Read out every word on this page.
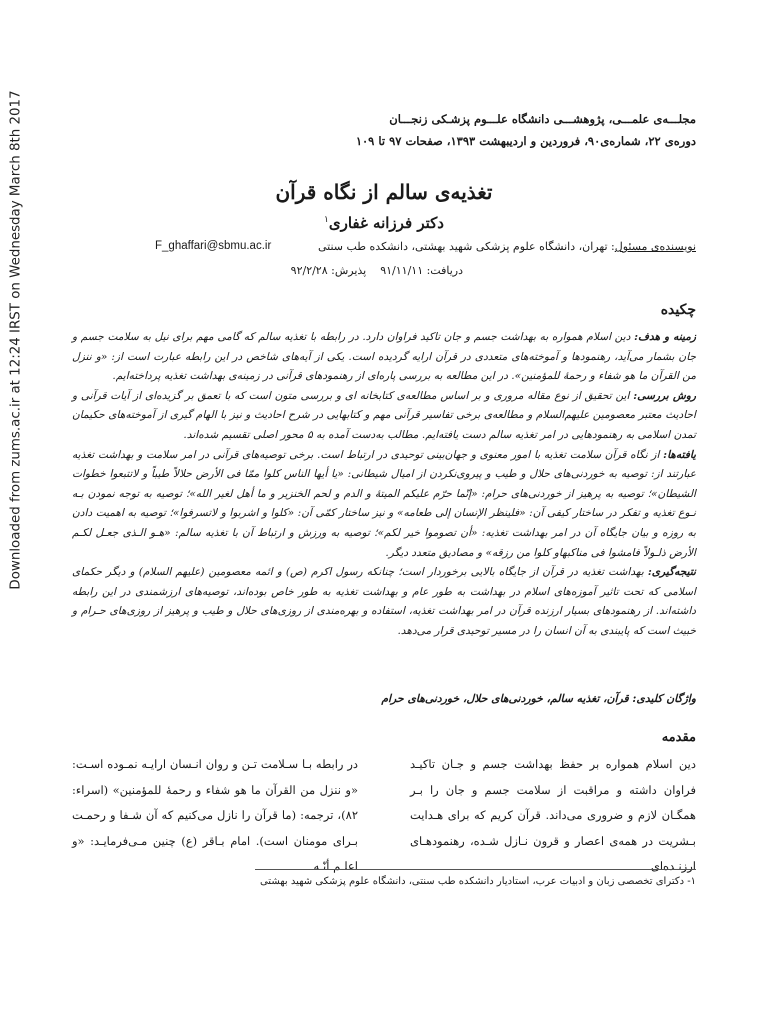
Downloaded from zums.ac.ir at 12:24 IRST on Wednesday March 8th 2017	مجلـــه‌ی علمـــی، پژوهشـــی دانشگاه علـــوم پزشـکی زنجـــان
دوره‌ی ۲۲، شماره‌ی۹۰، فروردین و اردیبهشت ۱۳۹۳، صفحات ۹۷ تا ۱۰۹
تغذیه‌ی سالم از نگاه قرآن
دکتر فرزانه غفاری$^۱$
نویسنده‌ی مسئول: تهران، دانشگاه علوم پزشکی شهید بهشتی، دانشکده طب سنتی
F_ghaffari@sbmu.ac.ir
دریافت: ۹۱/۱۱/۱۱پذیرش: ۹۲/۲/۲۸
چکیده

زمینه و هدف: دین اسلام همواره به بهداشت جسم و جان تاکید فراوان دارد. در رابطه با تغذیه سالم که گامی مهم برای نیل به سلامت جسم و جان بشمار می‌آید، رهنمودها و آموخته‌های متعددی در قرآن ارایه گردیده است. یکی از آیه‌های شاخص در این رابطه عبارت است از: «و ننزل من القرآن ما هو شفاء و رحمهٔ للمؤمنین». در این مطالعه به بررسی پاره‌ای از رهنمودهای قرآنی در زمینه‌ی بهداشت تغذیه پرداخته‌ایم.

روش بررسی: این تحقیق از نوع مقاله مروری و بر اساس مطالعه‌ی کتابخانه ای و بررسی متون است که با تعمق بر گزیده‌ای از آیات قرآنی و احادیث معتبر معصومین علیهم‌السلام و مطالعه‌ی برخی تفاسیر قرآنی مهم و کتابهایی در شرح احادیث و نیز با الهام گیری از آموخته‌های حکیمان تمدن اسلامی به رهنمودهایی در امر تغذیه سالم دست یافته‌ایم. مطالب به‌دست آمده به ۵ محور اصلی تقسیم شده‌اند.

یافته‌ها: از نگاه قرآن سلامت تغذیه با امور معنوی و جهان‌بینی توحیدی در ارتباط است. برخی توصیه‌های قرآنی در امر سلامت و بهداشت تغذیه عبارتند از: توصیه به خوردنی‌های حلال و طیب و پیروی‌نکردن از امیال شیطانی: «یا أیها الناس کلوا ممّا فی الأرض حلالاً طیباً و لاتتبعوا خطوات الشیطان»؛ توصیه به پرهیز از خوردنی‌های حرام: «إنّما حرّم علیکم المیتهٔ و الدم و لحم الخنزیر و ما أهل لغیر الله»؛ توصیه به توجه نمودن بـه نـوع تغذیه و تفکر در ساختار کیفی آن: «فلینظر الإنسان إلی طعامه» و نیز ساختار کمّی آن: «کلوا و اشربوا و لاتسرفوا»؛ توصیه به اهمیت دادن به روزه و بیان جایگاه آن در امر بهداشت تغذیه: «أن تصوموا خیر لکم»؛ توصیه به ورزش و ارتباط آن با تغذیه سالم: «هـو الـذی جعـل لکـم الأرض ذلـولاً فامشوا فی مناکبهاو کلوا من رزقه» و مصادیق متعدد دیگر.

نتیجه‌گیری: بهداشت تغذیه در قرآن از جایگاه بالایی برخوردار است؛ چنانکه رسول اکرم (ص) و ائمه معصومین (علیهم السلام) و دیگر حکمای اسلامی که تحت تاثیر آموزه‌های اسلام در بهداشت به طور عام و بهداشت تغذیه به طور خاص بوده‌اند، توصیه‌های ارزشمندی در این رابطه داشته‌اند. از رهنمودهای بسیار ارزنده قرآن در امر بهداشت تغذیه، استفاده و بهره‌مندی از روزی‌های حلال و طیب و پرهیز از روزی‌های حـرام و خبیث است که پایبندی به آن انسان را در مسیر توحیدی قرار می‌دهد.

واژگان کلیدی: قرآن، تغذیه سالم، خوردنی‌های حلال، خوردنی‌های حرام
مقدمه

دین اسلام همواره بر حفظ بهداشت جسم و جـان تاکیـد فراوان داشته و مراقبت از سلامت جسم و جان را بـر همگـان لازم و ضروری می‌داند. قرآن کریم که برای هـدایت بـشریت در همه‌ی اعصار و قرون نـازل شـده، رهنمودهـای ارزنـده‌ای

در رابطه بـا سـلامت تـن و روان انـسان ارایـه نمـوده اسـت: «و ننزل من القرآن ما هو شفاء و رحمهٔ للمؤمنین» (اسراء: ۸۲)، ترجمه: (ما قرآن را نازل می‌کنیم که آن شـفا و رحمـت بـرای مومنان است). امام بـاقر (ع) چنین مـی‌فرمایـد: «و اعلـم أنّـه

۱- دکترای تخصصی زبان و ادبیات عرب، استادیار دانشکده طب سنتی، دانشگاه علوم پزشکی شهید بهشتی
